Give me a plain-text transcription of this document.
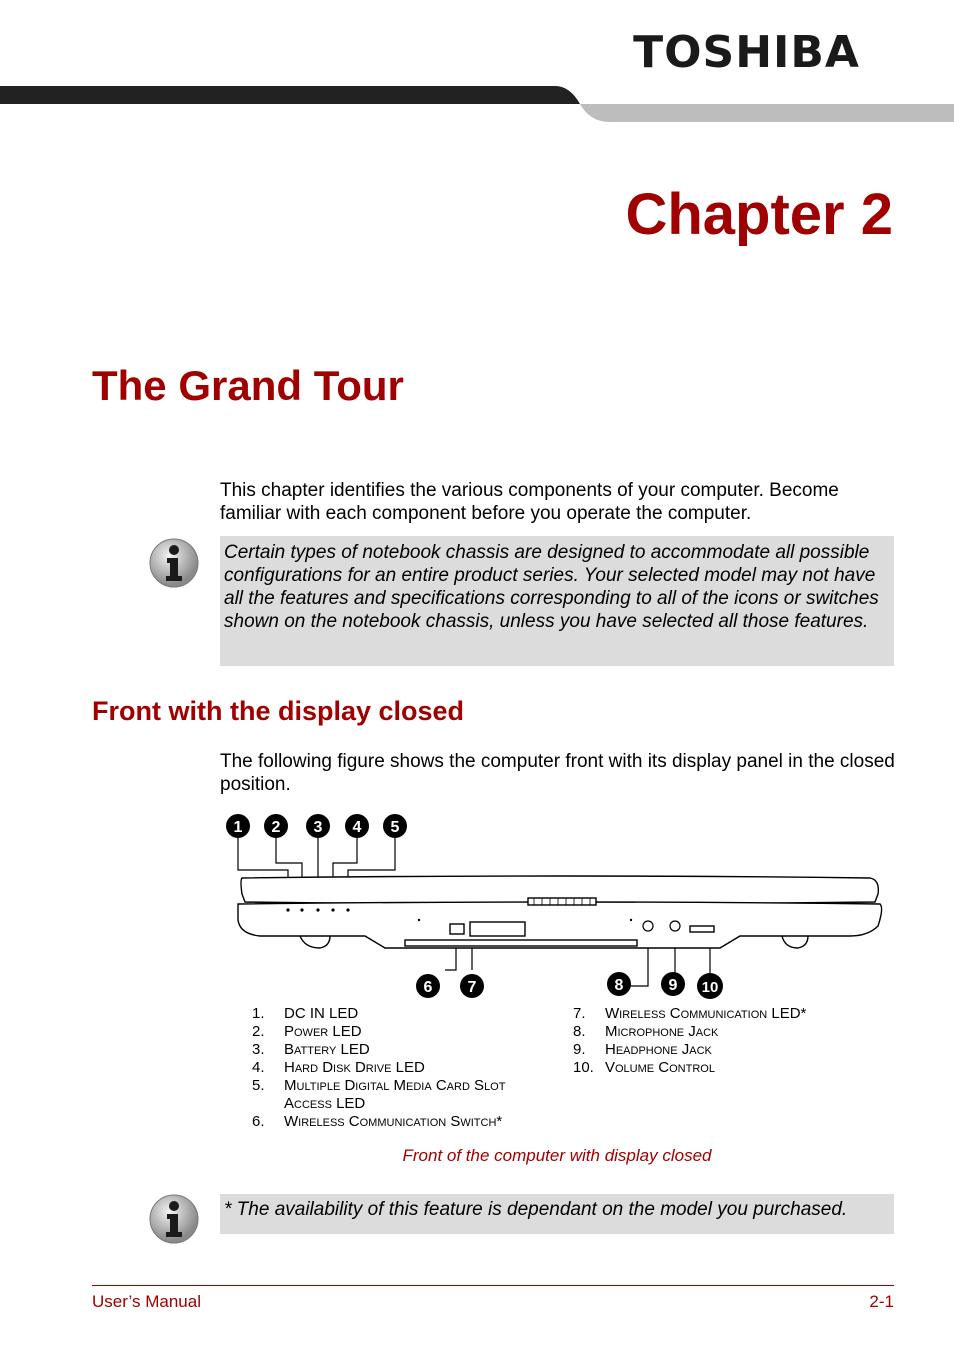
TOSHIBA
Chapter 2
The Grand Tour
This chapter identifies the various components of your computer. Become familiar with each component before you operate the computer.
Certain types of notebook chassis are designed to accommodate all possible configurations for an entire product series. Your selected model may not have all the features and specifications corresponding to all of the icons or switches shown on the notebook chassis, unless you have selected all those features.
Front with the display closed
The following figure shows the computer front with its display panel in the closed position.
1 2 3 4 5
6 7	8	9 10
1.	DC IN LED
2.	Power LED
3.	Battery LED
4.	Hard Disk Drive LED
5.	Multiple Digital Media Card Slot Access LED
6.	Wireless Communication Switch*
7.	Wireless Communication LED*
8.	Microphone Jack
9.	Headphone Jack
10. Volume Control
Front of the computer with display closed
* The availability of this feature is dependant on the model you purchased.
User’s Manual	2-1
